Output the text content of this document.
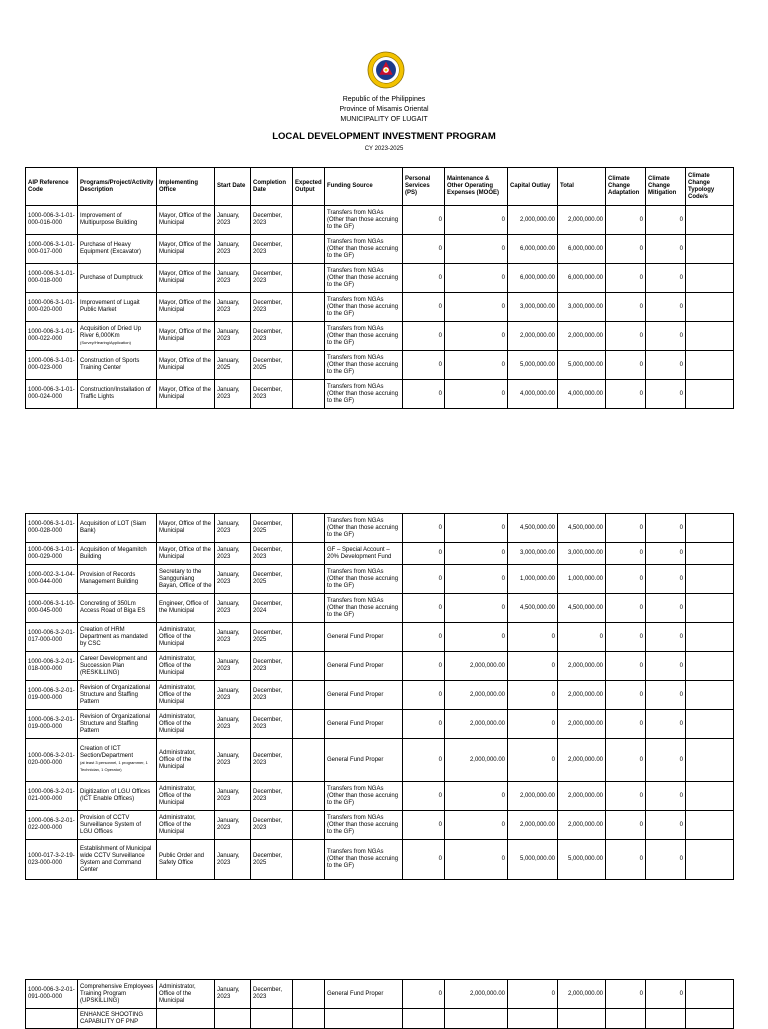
Republic of the Philippines
Province of Misamis Oriental
MUNICIPALITY OF LUGAIT
LOCAL DEVELOPMENT INVESTMENT PROGRAM
CY 2023-2025
AIP Reference Code	Programs/Project/Activity Description	Implementing Office	Start Date	Completion Date	Expected Output	Funding Source	Personal Services (PS)	Maintenance & Other Operating Expenses (MOOE)	Capital Outlay	Total	Climate Change Adaptation	Climate Change Mitigation	Climate Change Typology Code/s
1000-006-3-1-01-000-016-000	Improvement of Multipurpose Building	Mayor, Office of the Municipal	January, 2023	December, 2023		Transfers from NGAs (Other than those accruing to the GF)	0	0	2,000,000.00	2,000,000.00	0	0	
1000-006-3-1-01-000-017-000	Purchase of Heavy Equipment (Excavator)	Mayor, Office of the Municipal	January, 2023	December, 2023		Transfers from NGAs (Other than those accruing to the GF)	0	0	6,000,000.00	6,000,000.00	0	0	
1000-006-3-1-01-000-018-000	Purchase of Dumptruck	Mayor, Office of the Municipal	January, 2023	December, 2023		Transfers from NGAs (Other than those accruing to the GF)	0	0	6,000,000.00	6,000,000.00	0	0	
1000-006-3-1-01-000-020-000	Improvement of Lugait Public Market	Mayor, Office of the Municipal	January, 2023	December, 2023		Transfers from NGAs (Other than those accruing to the GF)	0	0	3,000,000.00	3,000,000.00	0	0	
1000-006-3-1-01-000-022-000	Acquisition of Dried Up River 6,000Km
(Survey/Hearing/Application)	Mayor, Office of the Municipal	January, 2023	December, 2023		Transfers from NGAs (Other than those accruing to the GF)	0	0	2,000,000.00	2,000,000.00	0	0	
1000-006-3-1-01-000-023-000	Construction of Sports Training Center	Mayor, Office of the Municipal	January, 2025	December, 2025		Transfers from NGAs (Other than those accruing to the GF)	0	0	5,000,000.00	5,000,000.00	0	0	
1000-006-3-1-01-000-024-000	Construction/Installation of Traffic Lights	Mayor, Office of the Municipal	January, 2023	December, 2023		Transfers from NGAs (Other than those accruing to the GF)	0	0	4,000,000.00	4,000,000.00	0	0	
1000-006-3-1-01-000-028-000	Acquisition of LOT (Siam Bank)	Mayor, Office of the Municipal	January, 2023	December, 2025		Transfers from NGAs (Other than those accruing to the GF)	0	0	4,500,000.00	4,500,000.00	0	0	
1000-006-3-1-01-000-029-000	Acquisition of Megamitch Building	Mayor, Office of the Municipal	January, 2023	December, 2023		GF – Special Account – 20% Development Fund	0	0	3,000,000.00	3,000,000.00	0	0	
1000-002-3-1-04-000-044-000	Provision of Records Management Building	Secretary to the Sangguniang Bayan, Office of the	January, 2023	December, 2025		Transfers from NGAs (Other than those accruing to the GF)	0	0	1,000,000.00	1,000,000.00	0	0	
1000-006-3-1-10-000-045-000	Concreting of 350Lm Access Road of Biga ES	Engineer, Office of the Municipal	January, 2023	December, 2024		Transfers from NGAs (Other than those accruing to the GF)	0	0	4,500,000.00	4,500,000.00	0	0	
1000-006-3-2-01-017-000-000	Creation of HRM Department as mandated by CSC	Administrator, Office of the Municipal	January, 2023	December, 2025		General Fund Proper	0	0	0	0	0	0	
1000-006-3-2-01-018-000-000	Career Development and Succession Plan (RESKILLING)	Administrator, Office of the Municipal	January, 2023	December, 2023		General Fund Proper	0	2,000,000.00	0	2,000,000.00	0	0	
1000-006-3-2-01-019-000-000	Revision of Organizational Structure and Staffing Pattern	Administrator, Office of the Municipal	January, 2023	December, 2023		General Fund Proper	0	2,000,000.00	0	2,000,000.00	0	0	
1000-006-3-2-01-019-000-000	Revision of Organizational Structure and Staffing Pattern	Administrator, Office of the Municipal	January, 2023	December, 2023		General Fund Proper	0	2,000,000.00	0	2,000,000.00	0	0	
1000-006-3-2-01-020-000-000	Creation of ICT Section/Department
(at least 3 personnel, 1 programmer, 1 Technician, 1 Operator)	Administrator, Office of the Municipal	January, 2023	December, 2023		General Fund Proper	0	2,000,000.00	0	2,000,000.00	0	0	
1000-006-3-2-01-021-000-000	Digitization of LGU Offices (ICT Enable Offices)	Administrator, Office of the Municipal	January, 2023	December, 2023		Transfers from NGAs (Other than those accruing to the GF)	0	0	2,000,000.00	2,000,000.00	0	0	
1000-006-3-2-01-022-000-000	Provision of CCTV Surveillance System of LGU Offices	Administrator, Office of the Municipal	January, 2023	December, 2023		Transfers from NGAs (Other than those accruing to the GF)	0	0	2,000,000.00	2,000,000.00	0	0	
1000-017-3-2-19-023-000-000	Establishment of Municipal wide CCTV Surveillance System and Command Center	Public Order and Safety Office	January, 2023	December, 2025		Transfers from NGAs (Other than those accruing to the GF)	0	0	5,000,000.00	5,000,000.00	0	0	
1000-006-3-2-01-091-000-000	Comprehensive Employees Training Program (UPSKILLING)	Administrator, Office of the Municipal	January, 2023	December, 2023		General Fund Proper	0	2,000,000.00	0	2,000,000.00	0	0	
	ENHANCE SHOOTING CAPABILITY OF PNP												
